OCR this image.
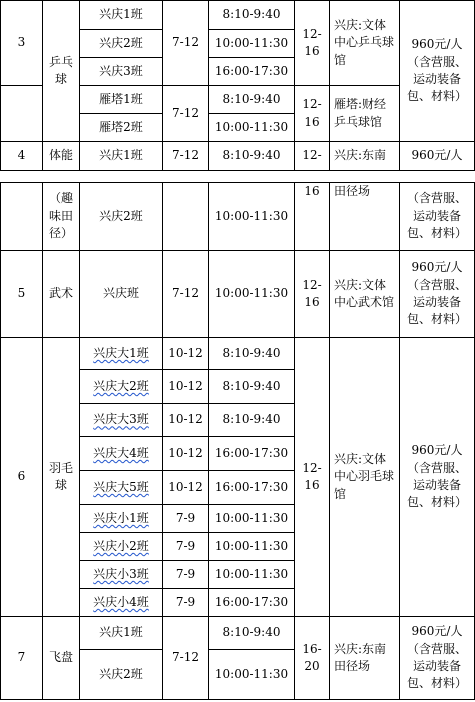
3	乒乓球	兴庆1班	7-12	8:10-9:40	12-16	兴庆:文体中心乒乓球馆	960元/人（含营服、运动装备包、材料）
		兴庆2班		10:00-11:30			
		兴庆3班		16:00-17:30			
		雁塔1班	7-12	8:10-9:40	12-16	雁塔:财经乒乓球馆	
		雁塔2班		10:00-11:30			
4	体能	兴庆1班	7-12	8:10-9:40	12-	兴庆:东南	960元/人
	（趣味田径）	兴庆2班		10:00-11:30	16	田径场	（含营服、运动装备包、材料）
5	武术	兴庆班	7-12	10:00-11:30	12-16	兴庆:文体中心武术馆	960元/人（含营服、运动装备包、材料）
6	羽毛球	兴庆大1班	10-12	8:10-9:40	12-16	兴庆:文体中心羽毛球馆	960元/人（含营服、运动装备包、材料）
		兴庆大2班	10-12	8:10-9:40			
		兴庆大3班	10-12	8:10-9:40			
		兴庆大4班	10-12	16:00-17:30			
		兴庆大5班	10-12	16:00-17:30			
		兴庆小1班	7-9	10:00-11:30			
		兴庆小2班	7-9	10:00-11:30			
		兴庆小3班	7-9	10:00-11:30			
		兴庆小4班	7-9	16:00-17:30			
7	飞盘	兴庆1班	7-12	8:10-9:40	16-20	兴庆:东南田径场	960元/人（含营服、运动装备包、材料）
		兴庆2班		10:00-11:30			
